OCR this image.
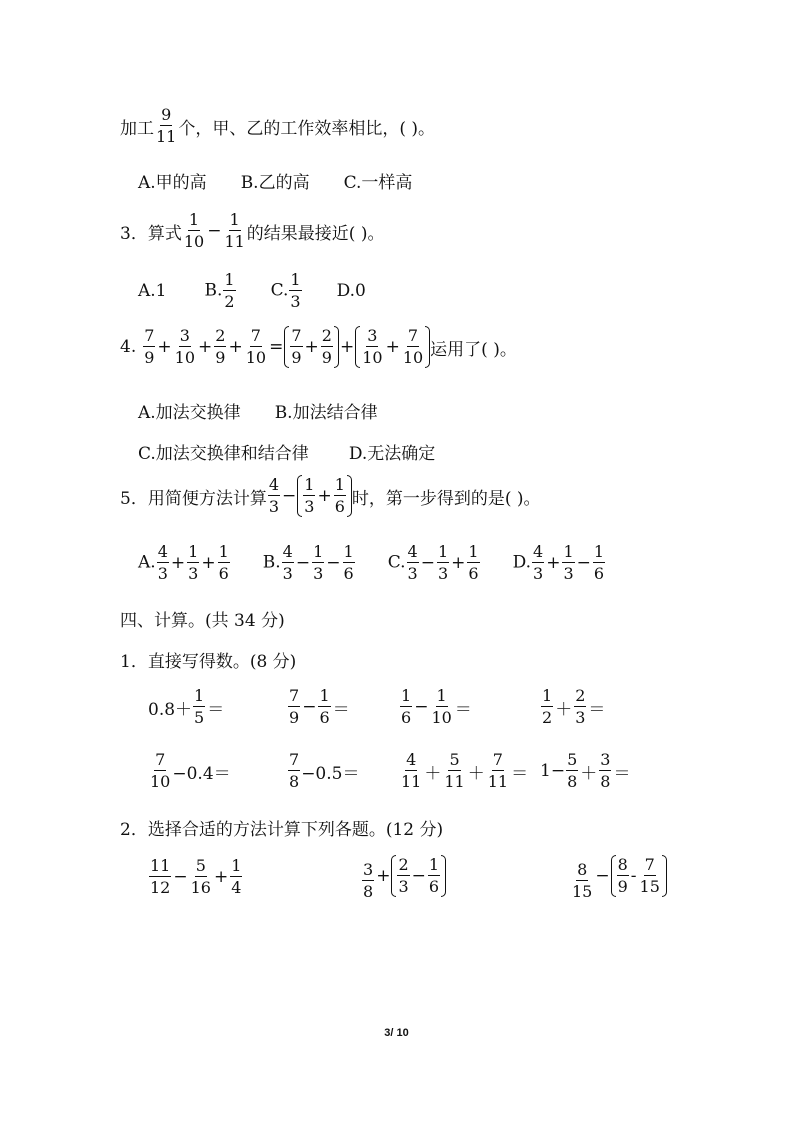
加工
9
11 个，甲、乙的工作效率相比，( )。
A.甲的高 B.乙的高 C.一样高
3．算式
1
10
− $\frac{1}{11}$ 的结果最接近( )。
A.1 B. $\frac{1}{2} C$. $\frac{1}{3} D.0$
4.
7
9
+ $\frac{3}{10} + \frac{2}{9} + \frac{7}{10}$ =
7
9
+ $\frac{2}{9}$ +
3
10
+ $\frac{7}{10}$ 运用了( )。
A.加法交换律 B.加法结合律
C.加法交换律和结合律 D.无法确定
5．用简便方法计算
4
3
−
1
3
+ $\frac{1}{6}$ 时，第一步得到的是( )。
A. $\frac{4}{3} + \frac{1}{3} + \frac{1}{6} B$. $\frac{4}{3} - \frac{1}{3} - \frac{1}{6} C$. $\frac{4}{3} - \frac{1}{3} + \frac{1}{6} D$. $\frac{4}{3} + \frac{1}{3} - \frac{1}{6}$
四、计算。(共 34 分)
1．直接写得数。(8 分)
0.8＋
1
5 ＝
7
9
− $\frac{1}{6}$ ＝
1
6
− $\frac{1}{10}$ ＝
1
2 ＋
2
3 ＝
7
10 −0.4＝
7
8 −0.5＝
4
11 ＋
5
11 ＋
7
$11 = 1- \frac{5}{8}$ ＋
3
8 ＝
2．选择合适的方法计算下列各题。(12 分)
11
12
− $\frac{5}{16} + \frac{1}{4}$	3
8
+
2
3
− $\frac{1}{6}$	8
15
−
8
9
-
7
15
3/ 10
